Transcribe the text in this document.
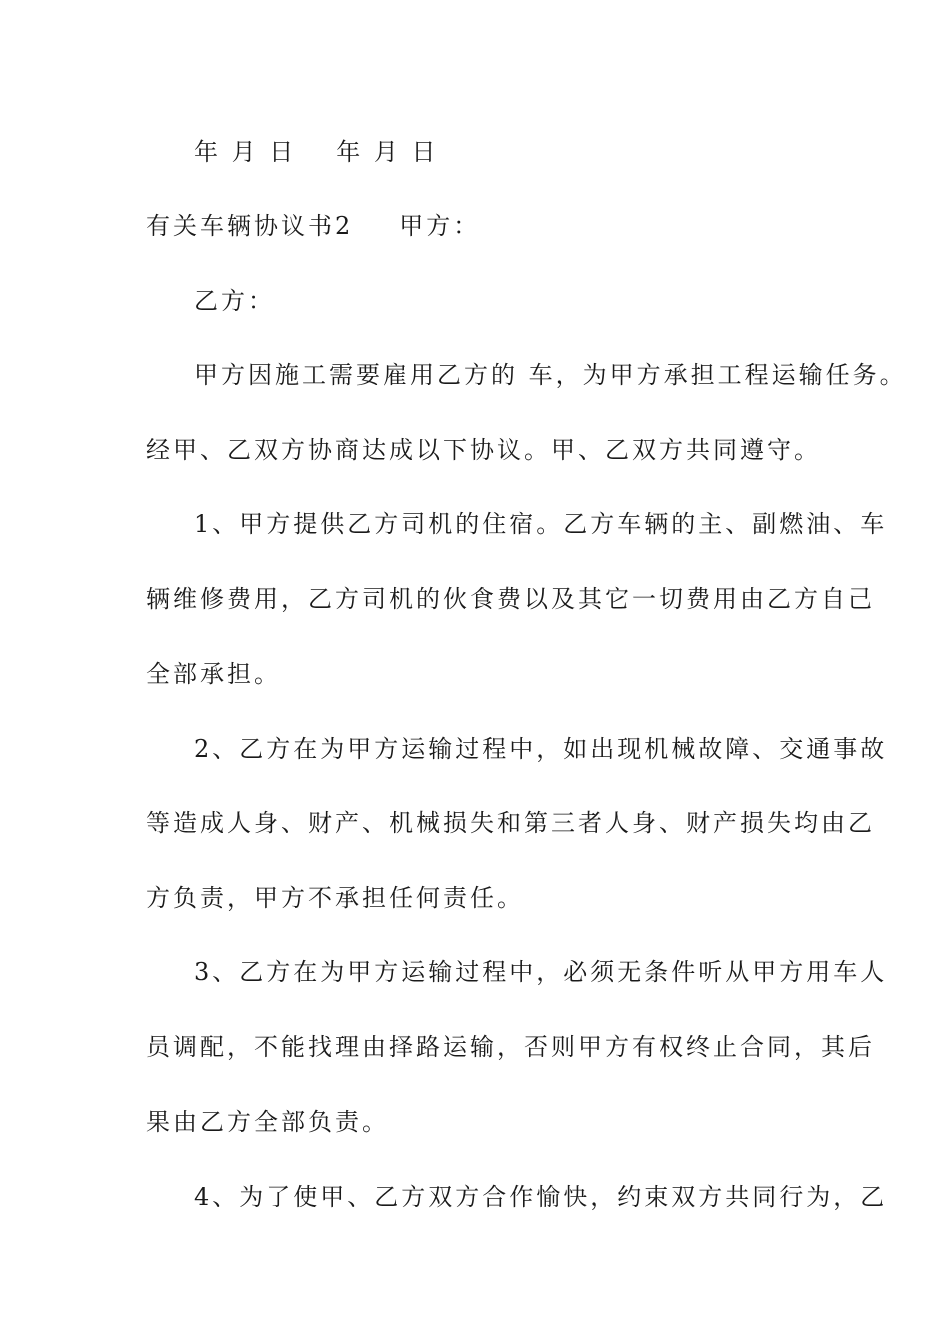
年 月 日 年 月 日
有关车辆协议书2 甲方：
乙方：
甲方因施工需要雇用乙方的 车，为甲方承担工程运输任务。
经甲、乙双方协商达成以下协议。甲、乙双方共同遵守。
1、甲方提供乙方司机的住宿。乙方车辆的主、副燃油、车
辆维修费用，乙方司机的伙食费以及其它一切费用由乙方自己
全部承担。
2、乙方在为甲方运输过程中，如出现机械故障、交通事故
等造成人身、财产、机械损失和第三者人身、财产损失均由乙
方负责，甲方不承担任何责任。
3、乙方在为甲方运输过程中，必须无条件听从甲方用车人
员调配，不能找理由择路运输，否则甲方有权终止合同，其后
果由乙方全部负责。
4、为了使甲、乙方双方合作愉快，约束双方共同行为，乙
